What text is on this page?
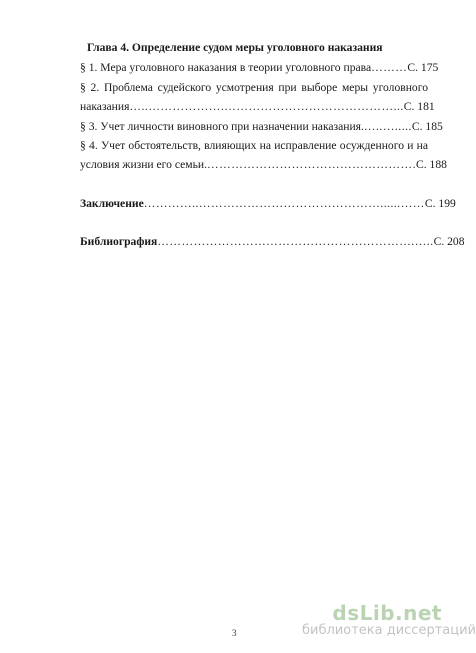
Глава 4. Определение судом меры уголовного наказания
§ 1. Мера уголовного наказания в теории уголовного права ……… С. 175
§ 2. Проблема судейского усмотрения при выборе меры уголовного
наказания …..……………….……………………………………... С. 181
§ 3. Учет личности виновного при назначении наказания. …..…..... С. 185
§ 4. Учет обстоятельств, влияющих на исправление осужденного и на
условия жизни его семьи. ……………………………………………. С. 188
Заключение …………..………………………………………......…… С. 199
Библиография ……………………………………………………….….. С. 208
dsLib.net
библиотека диссертаций
3
